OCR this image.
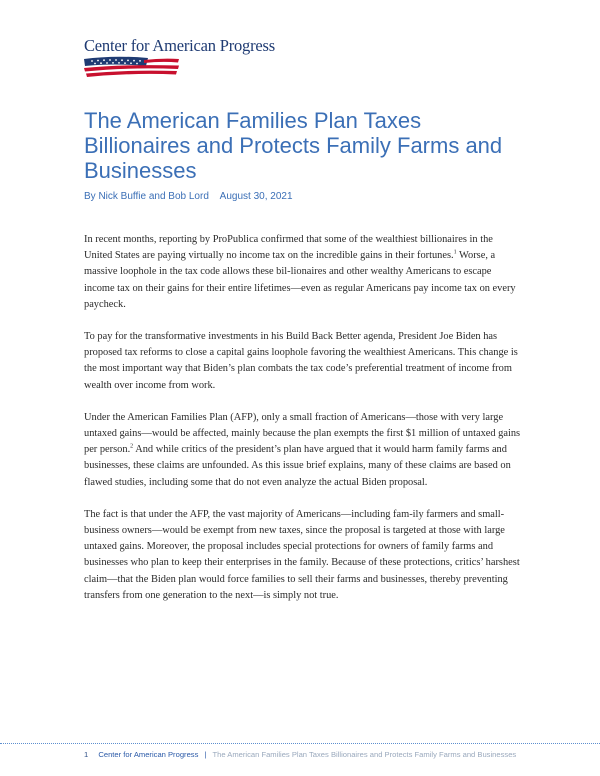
Center for American Progress
The American Families Plan Taxes Billionaires and Protects Family Farms and Businesses
By Nick Buffie and Bob Lord August 30, 2021

In recent months, reporting by ProPublica confirmed that some of the wealthiest billionaires in the United States are paying virtually no income tax on the incredible gains in their fortunes.$^1$ Worse, a massive loophole in the tax code allows these bil-lionaires and other wealthy Americans to escape income tax on their gains for their entire lifetimes—even as regular Americans pay income tax on every paycheck.

To pay for the transformative investments in his Build Back Better agenda, President Joe Biden has proposed tax reforms to close a capital gains loophole favoring the wealthiest Americans. This change is the most important way that Biden’s plan combats the tax code’s preferential treatment of income from wealth over income from work.

Under the American Families Plan (AFP), only a small fraction of Americans—those with very large untaxed gains—would be affected, mainly because the plan exempts the first $1 million of untaxed gains per person.$^2$ And while critics of the president’s plan have argued that it would harm family farms and businesses, these claims are unfounded. As this issue brief explains, many of these claims are based on flawed studies, including some that do not even analyze the actual Biden proposal.

The fact is that under the AFP, the vast majority of Americans—including fam-ily farmers and small-business owners—would be exempt from new taxes, since the proposal is targeted at those with large untaxed gains. Moreover, the proposal includes special protections for owners of family farms and businesses who plan to keep their enterprises in the family. Because of these protections, critics’ harshest claim—that the Biden plan would force families to sell their farms and businesses, thereby preventing transfers from one generation to the next—is simply not true.

1 Center for American Progress | The American Families Plan Taxes Billionaires and Protects Family Farms and Businesses
